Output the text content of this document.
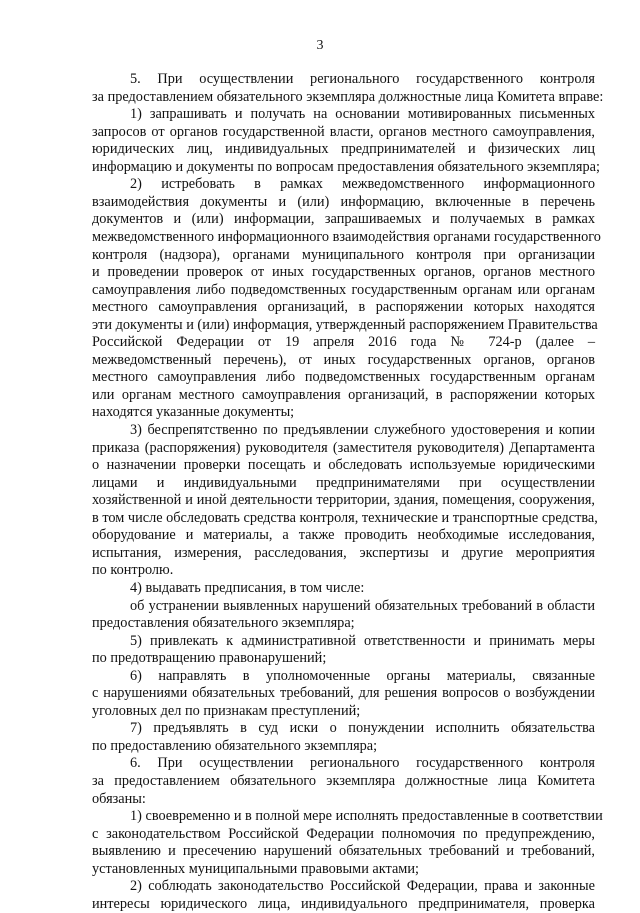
3
5. При осуществлении регионального государственного контроля
за предоставлением обязательного экземпляра должностные лица Комитета вправе:
1) запрашивать и получать на основании мотивированных письменных
запросов от органов государственной власти, органов местного самоуправления,
юридических лиц, индивидуальных предпринимателей и физических лиц
информацию и документы по вопросам предоставления обязательного экземпляра;
2) истребовать в рамках межведомственного информационного
взаимодействия документы и (или) информацию, включенные в перечень
документов и (или) информации, запрашиваемых и получаемых в рамках
межведомственного информационного взаимодействия органами государственного
контроля (надзора), органами муниципального контроля при организации
и проведении проверок от иных государственных органов, органов местного
самоуправления либо подведомственных государственным органам или органам
местного самоуправления организаций, в распоряжении которых находятся
эти документы и (или) информация, утвержденный распоряжением Правительства
Российской Федерации от 19 апреля 2016 года № 724-р (далее –
межведомственный перечень), от иных государственных органов, органов
местного самоуправления либо подведомственных государственным органам
или органам местного самоуправления организаций, в распоряжении которых
находятся указанные документы;
3) беспрепятственно по предъявлении служебного удостоверения и копии
приказа (распоряжения) руководителя (заместителя руководителя) Департамента
о назначении проверки посещать и обследовать используемые юридическими
лицами и индивидуальными предпринимателями при осуществлении
хозяйственной и иной деятельности территории, здания, помещения, сооружения,
в том числе обследовать средства контроля, технические и транспортные средства,
оборудование и материалы, а также проводить необходимые исследования,
испытания, измерения, расследования, экспертизы и другие мероприятия
по контролю.
4) выдавать предписания, в том числе:
об устранении выявленных нарушений обязательных требований в области
предоставления обязательного экземпляра;
5) привлекать к административной ответственности и принимать меры
по предотвращению правонарушений;
6) направлять в уполномоченные органы материалы, связанные
с нарушениями обязательных требований, для решения вопросов о возбуждении
уголовных дел по признакам преступлений;
7) предъявлять в суд иски о понуждении исполнить обязательства
по предоставлению обязательного экземпляра;
6. При осуществлении регионального государственного контроля
за предоставлением обязательного экземпляра должностные лица Комитета
обязаны:
1) своевременно и в полной мере исполнять предоставленные в соответствии
с законодательством Российской Федерации полномочия по предупреждению,
выявлению и пресечению нарушений обязательных требований и требований,
установленных муниципальными правовыми актами;
2) соблюдать законодательство Российской Федерации, права и законные
интересы юридического лица, индивидуального предпринимателя, проверка
